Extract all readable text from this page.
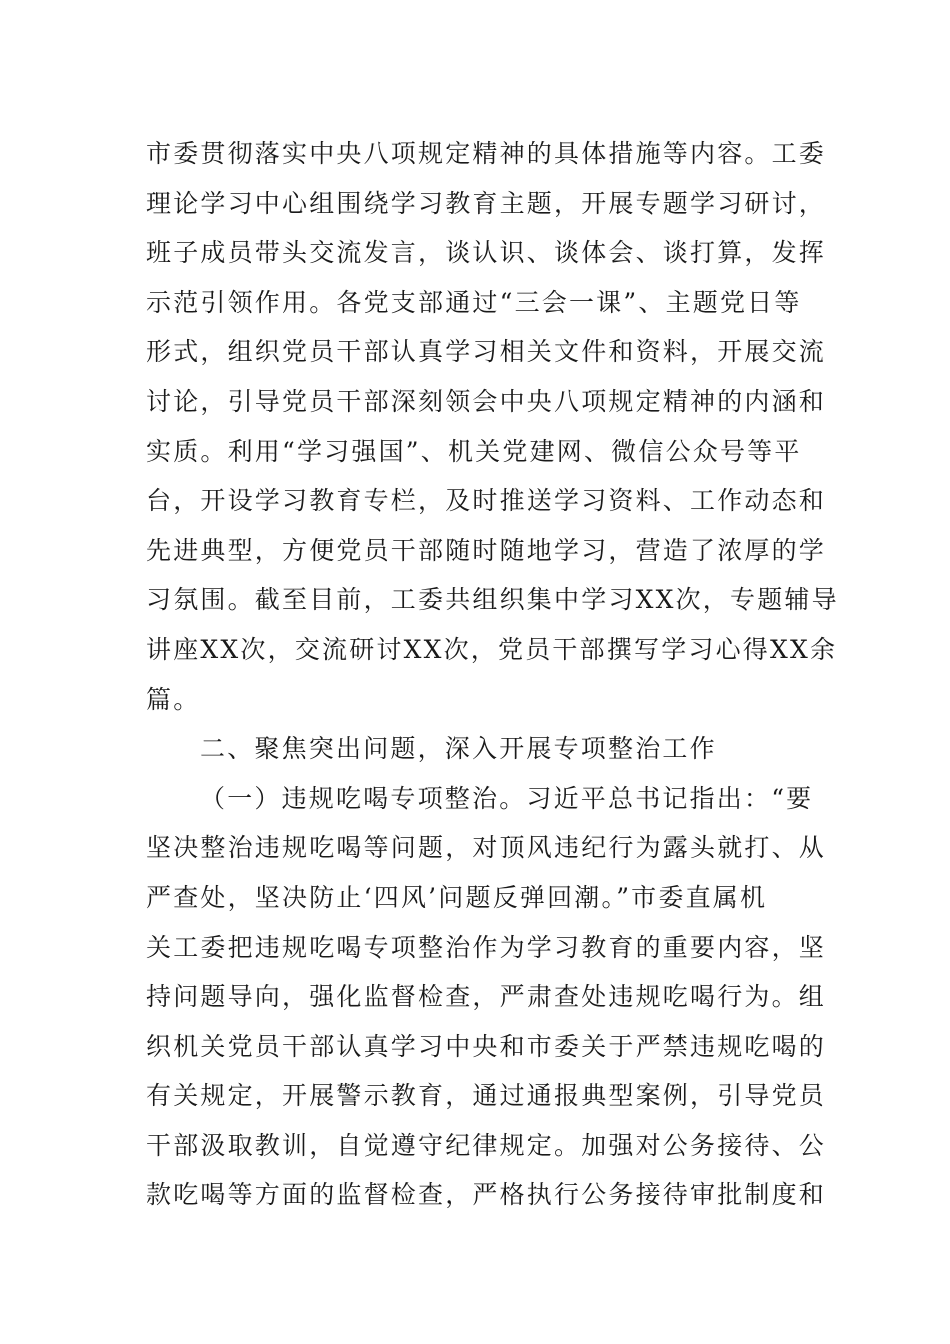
市委贯彻落实中央八项规定精神的具体措施等内容。工委
理论学习中心组围绕学习教育主题，开展专题学习研讨，
班子成员带头交流发言，谈认识、谈体会、谈打算，发挥
示范引领作用。各党支部通过“三会一课”、主题党日等
形式，组织党员干部认真学习相关文件和资料，开展交流
讨论，引导党员干部深刻领会中央八项规定精神的内涵和
实质。利用“学习强国”、机关党建网、微信公众号等平
台，开设学习教育专栏，及时推送学习资料、工作动态和
先进典型，方便党员干部随时随地学习，营造了浓厚的学
习氛围。截至目前，工委共组织集中学习XX次，专题辅导
讲座XX次，交流研讨XX次，党员干部撰写学习心得XX余
篇。
二、聚焦突出问题，深入开展专项整治工作
（一）违规吃喝专项整治。习近平总书记指出：“要
坚决整治违规吃喝等问题，对顶风违纪行为露头就打、从
严查处，坚决防止‘四风’问题反弹回潮。”市委直属机
关工委把违规吃喝专项整治作为学习教育的重要内容，坚
持问题导向，强化监督检查，严肃查处违规吃喝行为。组
织机关党员干部认真学习中央和市委关于严禁违规吃喝的
有关规定，开展警示教育，通过通报典型案例，引导党员
干部汲取教训，自觉遵守纪律规定。加强对公务接待、公
款吃喝等方面的监督检查，严格执行公务接待审批制度和
